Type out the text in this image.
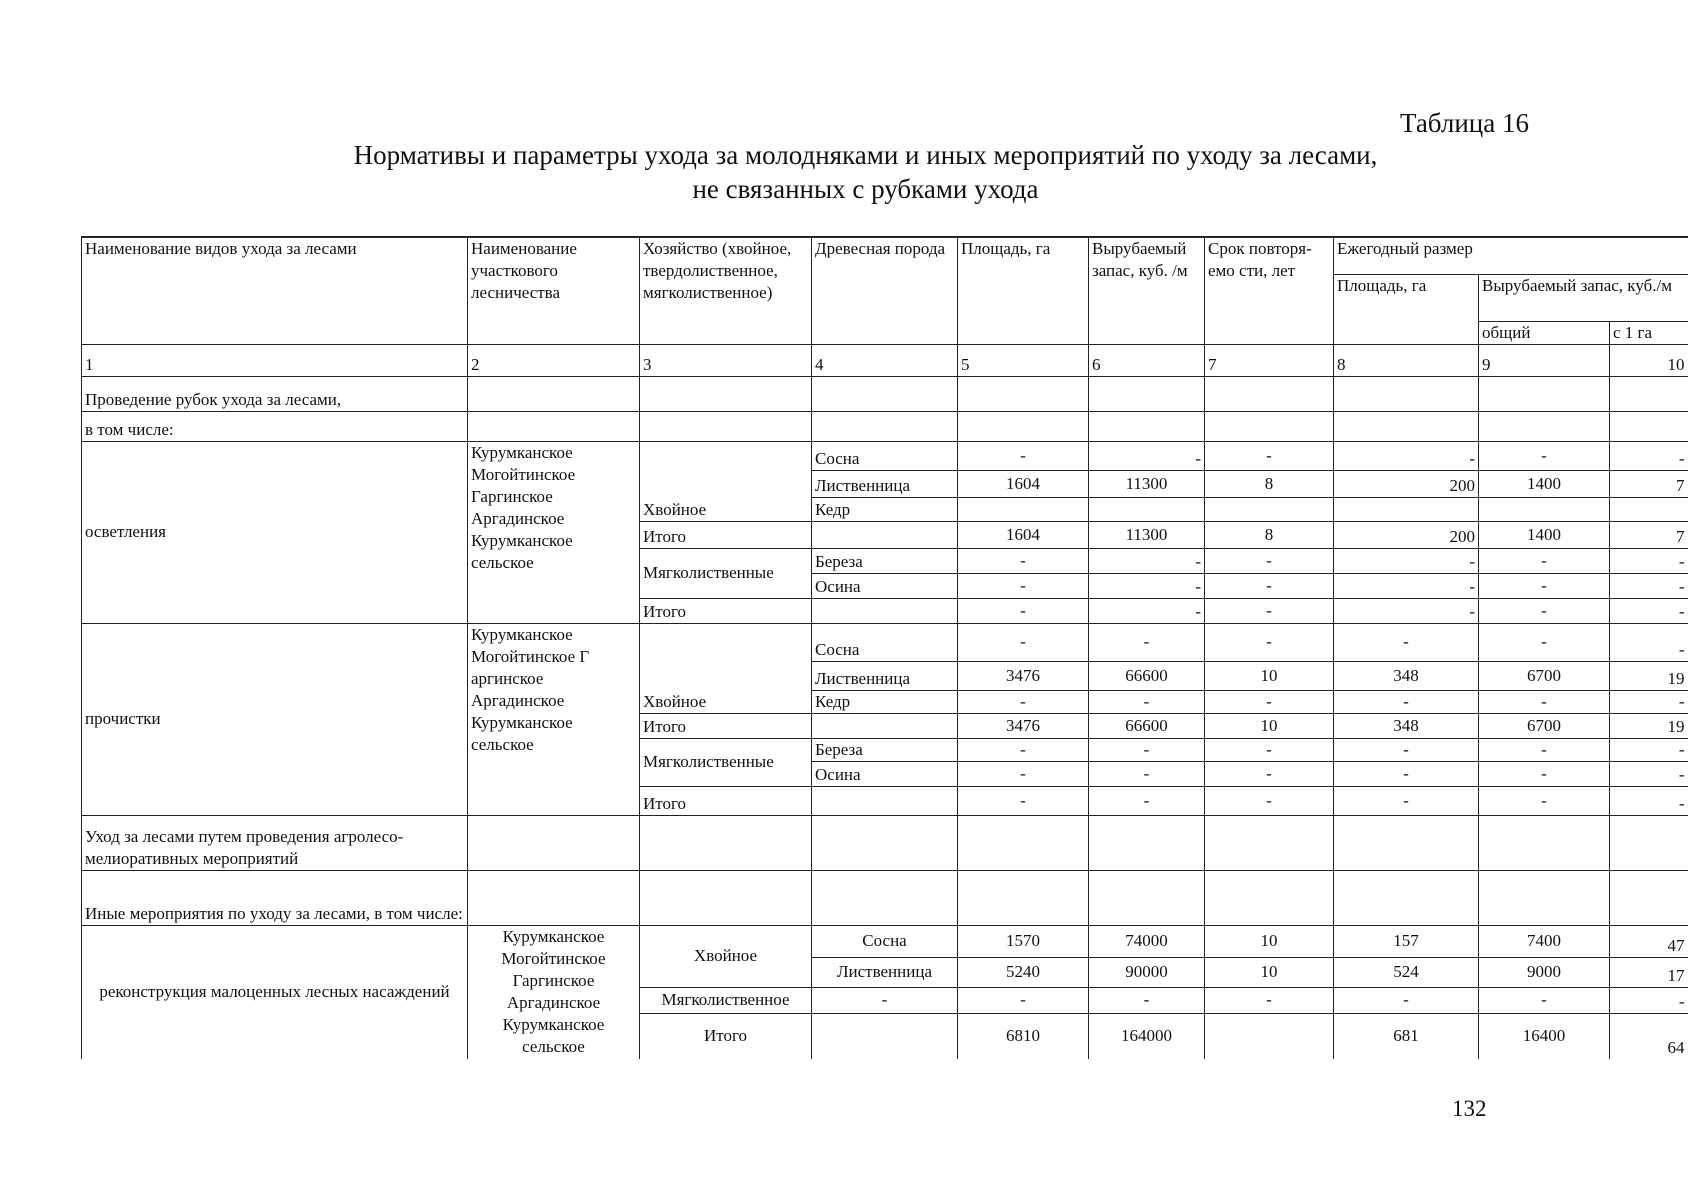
Таблица 16
Нормативы и параметры ухода за молодняками и иных мероприятий по уходу за лесами,
не связанных с рубками ухода
Наименование видов ухода за лесами	Наименование участкового лесничества	Хозяйство (хвойное, твердолиственное, мягколиственное)	Древесная порода	Площадь, га	Вырубаемый запас, куб. /м	Срок повторя-емо сти, лет	Ежегодный размер		
							Площадь, га	Вырубаемый запас, куб./м	
								общий	с 1 га
1	2	3	4	5	6	7	8	9	10
Проведение рубок ухода за лесами,									
в том числе:									
осветления	Курумканское Могойтинское Гаргинское Аргадинское Курумканское сельское	Хвойное	Сосна	-	-	-	-	-	-
			Лиственница	1604	11300	8	200	1400	7
			Кедр						
		Итого		1604	11300	8	200	1400	7
		Мягколиственные	Береза	-	-	-	-	-	-
			Осина	-	-	-	-	-	-
		Итого		-	-	-	-	-	-
прочистки	Курумканское Могойтинское Г аргинское Аргадинское Курумканское сельское	Хвойное	Сосна	-	-	-	-	-	-
			Лиственница	3476	66600	10	348	6700	19
			Кедр	-	-	-	-	-	-
		Итого		3476	66600	10	348	6700	19
		Мягколиственные	Береза	-	-	-	-	-	-
			Осина	-	-	-	-	-	-
		Итого		-	-	-	-	-	-
Уход за лесами путем проведения агролесо-мелиоративных мероприятий									
Иные мероприятия по уходу за лесами, в том числе:									
реконструкция малоценных лесных насаждений	Курумканское Могойтинское Гаргинское Аргадинское Курумканское сельское	Хвойное	Сосна	1570	74000	10	157	7400	47
			Лиственница	5240	90000	10	524	9000	17
		Мягколиственное	-	-	-	-	-	-	-
		Итого		6810	164000		681	16400	64
132
